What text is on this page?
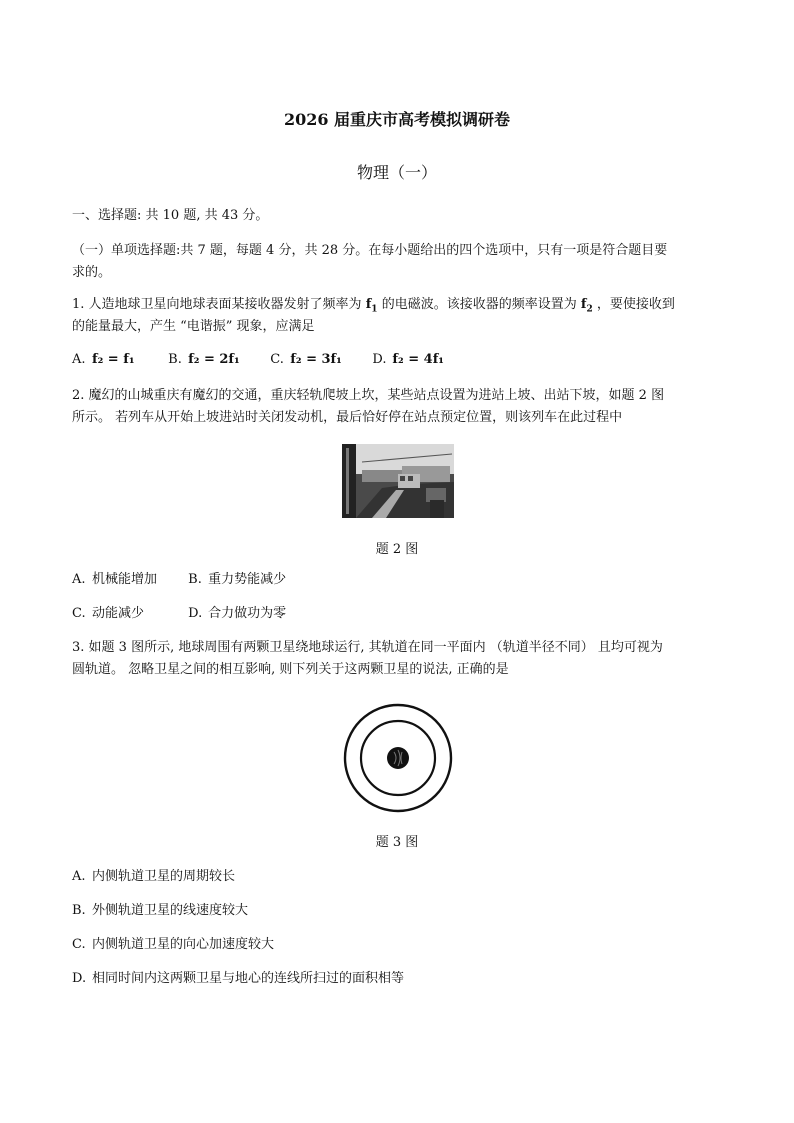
2026 届重庆市高考模拟调研卷
物理（一）
一、选择题: 共 10 题, 共 43 分。
（一）单项选择题:共 7 题，每题 4 分，共 28 分。在每小题给出的四个选项中，只有一项是符合题目要
求的。
1. 人造地球卫星向地球表面某接收器发射了频率为 $f_1$ 的电磁波。该接收器的频率设置为 $f_2$ ，要使接收到
的能量最大，产生 “电谐振” 现象，应满足
A. f₂ = f₁	B. f₂ = 2f₁ C. f₂ = 3f₁ D. f₂ = 4f₁
2. 魔幻的山城重庆有魔幻的交通，重庆轻轨爬坡上坎，某些站点设置为进站上坡、出站下坡，如题 2 图
所示。 若列车从开始上坡进站时关闭发动机，最后恰好停在站点预定位置，则该列车在此过程中
题 2 图
A. 机械能增加 B. 重力势能减少
C. 动能减少	D. 合力做功为零
3. 如题 3 图所示, 地球周围有两颗卫星绕地球运行, 其轨道在同一平面内 （轨道半径不同） 且均可视为
圆轨道。 忽略卫星之间的相互影响, 则下列关于这两颗卫星的说法, 正确的是
题 3 图
A. 内侧轨道卫星的周期较长
B. 外侧轨道卫星的线速度较大
C. 内侧轨道卫星的向心加速度较大
D. 相同时间内这两颗卫星与地心的连线所扫过的面积相等
